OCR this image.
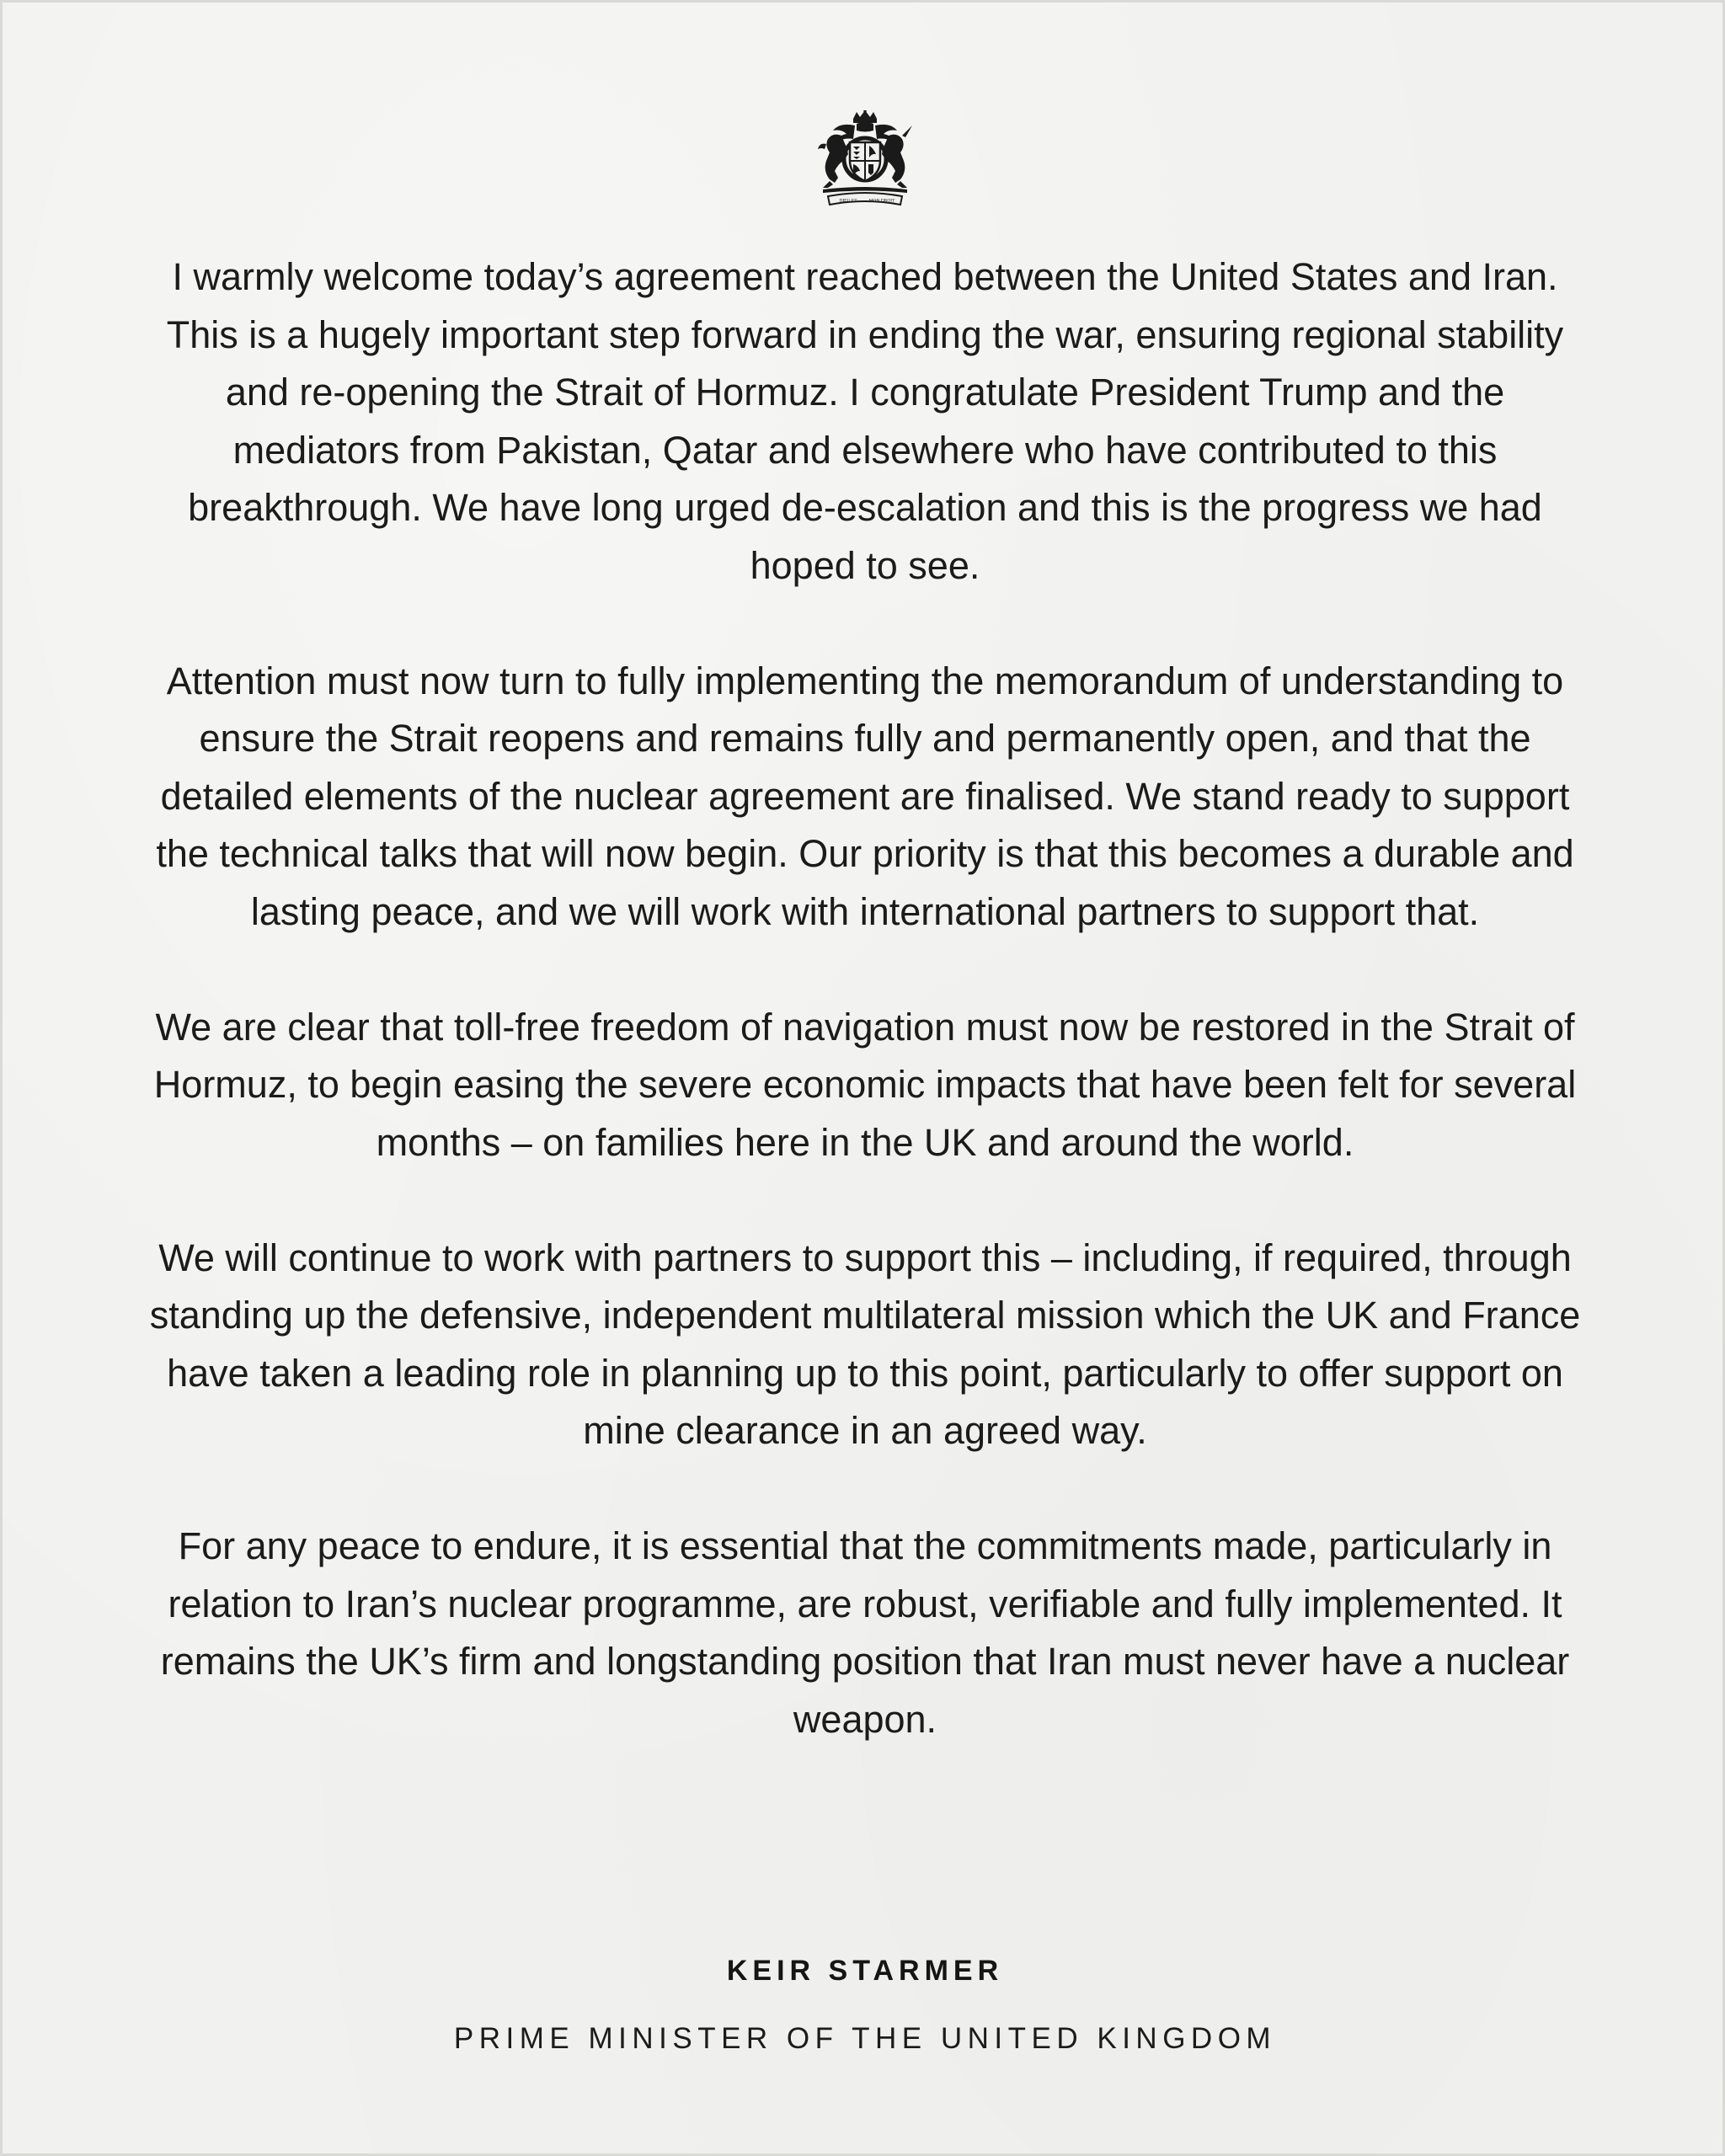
DIEU ET	MON DROIT

I warmly welcome today’s agreement reached between the United States and Iran. This is a hugely important step forward in ending the war, ensuring regional stability and re-opening the Strait of Hormuz. I congratulate President Trump and the mediators from Pakistan, Qatar and elsewhere who have contributed to this breakthrough. We have long urged de-escalation and this is the progress we had hoped to see.

Attention must now turn to fully implementing the memorandum of understanding to ensure the Strait reopens and remains fully and permanently open, and that the detailed elements of the nuclear agreement are finalised. We stand ready to support the technical talks that will now begin. Our priority is that this becomes a durable and lasting peace, and we will work with international partners to support that.

We are clear that toll-free freedom of navigation must now be restored in the Strait of Hormuz, to begin easing the severe economic impacts that have been felt for several months – on families here in the UK and around the world.

We will continue to work with partners to support this – including, if required, through standing up the defensive, independent multilateral mission which the UK and France have taken a leading role in planning up to this point, particularly to offer support on mine clearance in an agreed way.

For any peace to endure, it is essential that the commitments made, particularly in relation to Iran’s nuclear programme, are robust, verifiable and fully implemented. It remains the UK’s firm and longstanding position that Iran must never have a nuclear weapon.

KEIR STARMER
PRIME MINISTER OF THE UNITED KINGDOM
